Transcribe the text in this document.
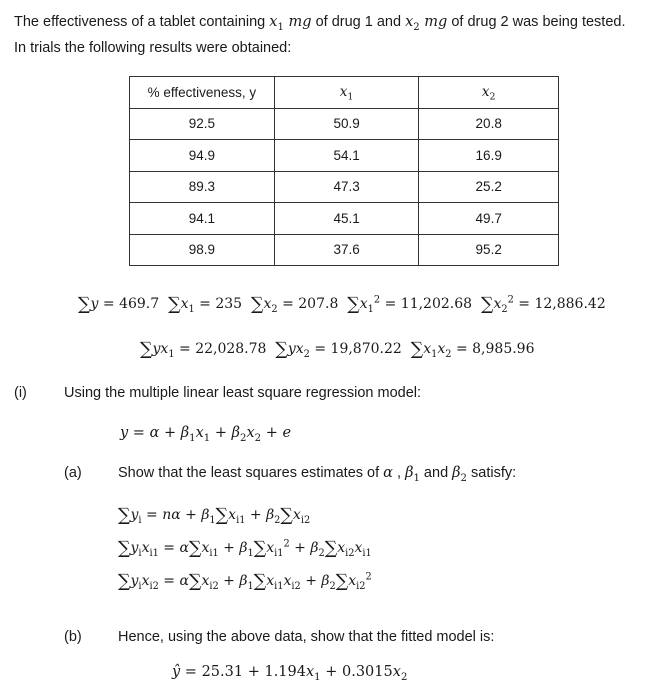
The effectiveness of a tablet containing $x_1$ mg of drug 1 and $x_2$ mg of drug 2 was being tested.
In trials the following results were obtained:
% effectiveness, y	$x_1$	$x_2$
92.5	50.9	20.8
94.9	54.1	16.9
89.3	47.3	25.2
94.1	45.1	49.7
98.9	37.6	95.2
∑y = 469.7 $\sum x_1 = 235$ $\sum x_2 = 207.8$ $\sum x_1^2 = 11,202.68$ $\sum x_2^2 = 12,886.42$
$\sum yx_1 = 22,028.78$ $\sum yx_2 = 19,870.22$ $\sum x_1x_2 = 8,985.96$
(i)	Using the multiple linear least square regression model:
$y = \alpha + \beta_1x_1 + \beta_2x_2 + e$
(a)	Show that the least squares estimates of α , $\beta_1$ and $\beta_2$ satisfy:
$\sum y_i = n\alpha + \beta_1\sum x_{i1} + \beta_2\sum x_{i2}$
$\sum y_ix_{i1} = \alpha\sum x_{i1} + \beta_1\sum x_{i1}^2 + \beta_2\sum x_{i2}x_{i1}$
$\sum y_ix_{i2} = \alpha\sum x_{i2} + \beta_1\sum x_{i1}x_{i2} + \beta_2\sum x_{i2}^2$
(b)	Hence, using the above data, show that the fitted model is:
ŷ = $25.31 + 1.194x_1 + 0.3015x_2$
